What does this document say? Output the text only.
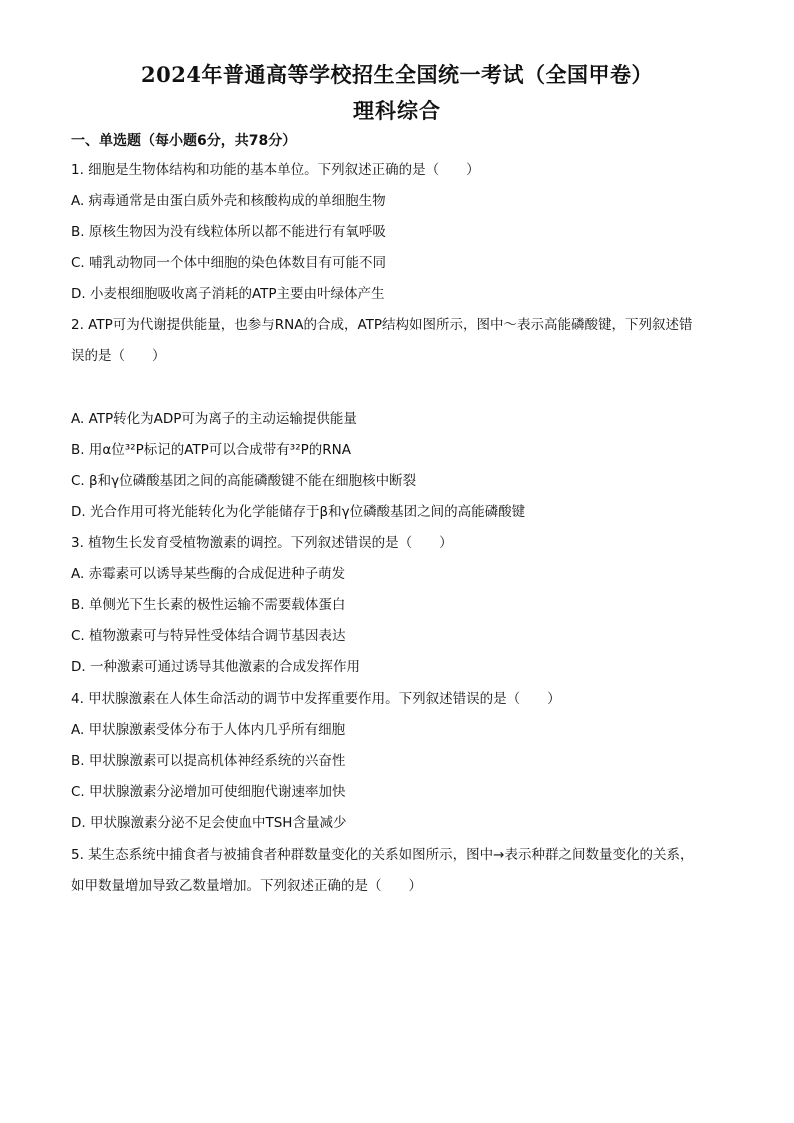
2024年普通高等学校招生全国统一考试（全国甲卷）
理科综合
一、单选题（每小题6分，共78分）
1. 细胞是生物体结构和功能的基本单位。下列叙述正确的是（　　）
A. 病毒通常是由蛋白质外壳和核酸构成的单细胞生物
B. 原核生物因为没有线粒体所以都不能进行有氧呼吸
C. 哺乳动物同一个体中细胞的染色体数目有可能不同
D. 小麦根细胞吸收离子消耗的ATP主要由叶绿体产生
2. ATP可为代谢提供能量，也参与RNA的合成，ATP结构如图所示，图中～表示高能磷酸键，下列叙述错
误的是（　　）
A. ATP转化为ADP可为离子的主动运输提供能量
B. 用α位³²P标记的ATP可以合成带有³²P的RNA
C. β和γ位磷酸基团之间的高能磷酸键不能在细胞核中断裂
D. 光合作用可将光能转化为化学能储存于β和γ位磷酸基团之间的高能磷酸键
3. 植物生长发育受植物激素的调控。下列叙述错误的是（　　）
A. 赤霉素可以诱导某些酶的合成促进种子萌发
B. 单侧光下生长素的极性运输不需要载体蛋白
C. 植物激素可与特异性受体结合调节基因表达
D. 一种激素可通过诱导其他激素的合成发挥作用
4. 甲状腺激素在人体生命活动的调节中发挥重要作用。下列叙述错误的是（　　）
A. 甲状腺激素受体分布于人体内几乎所有细胞
B. 甲状腺激素可以提高机体神经系统的兴奋性
C. 甲状腺激素分泌增加可使细胞代谢速率加快
D. 甲状腺激素分泌不足会使血中TSH含量减少
5. 某生态系统中捕食者与被捕食者种群数量变化的关系如图所示，图中→表示种群之间数量变化的关系，
如甲数量增加导致乙数量增加。下列叙述正确的是（　　）
